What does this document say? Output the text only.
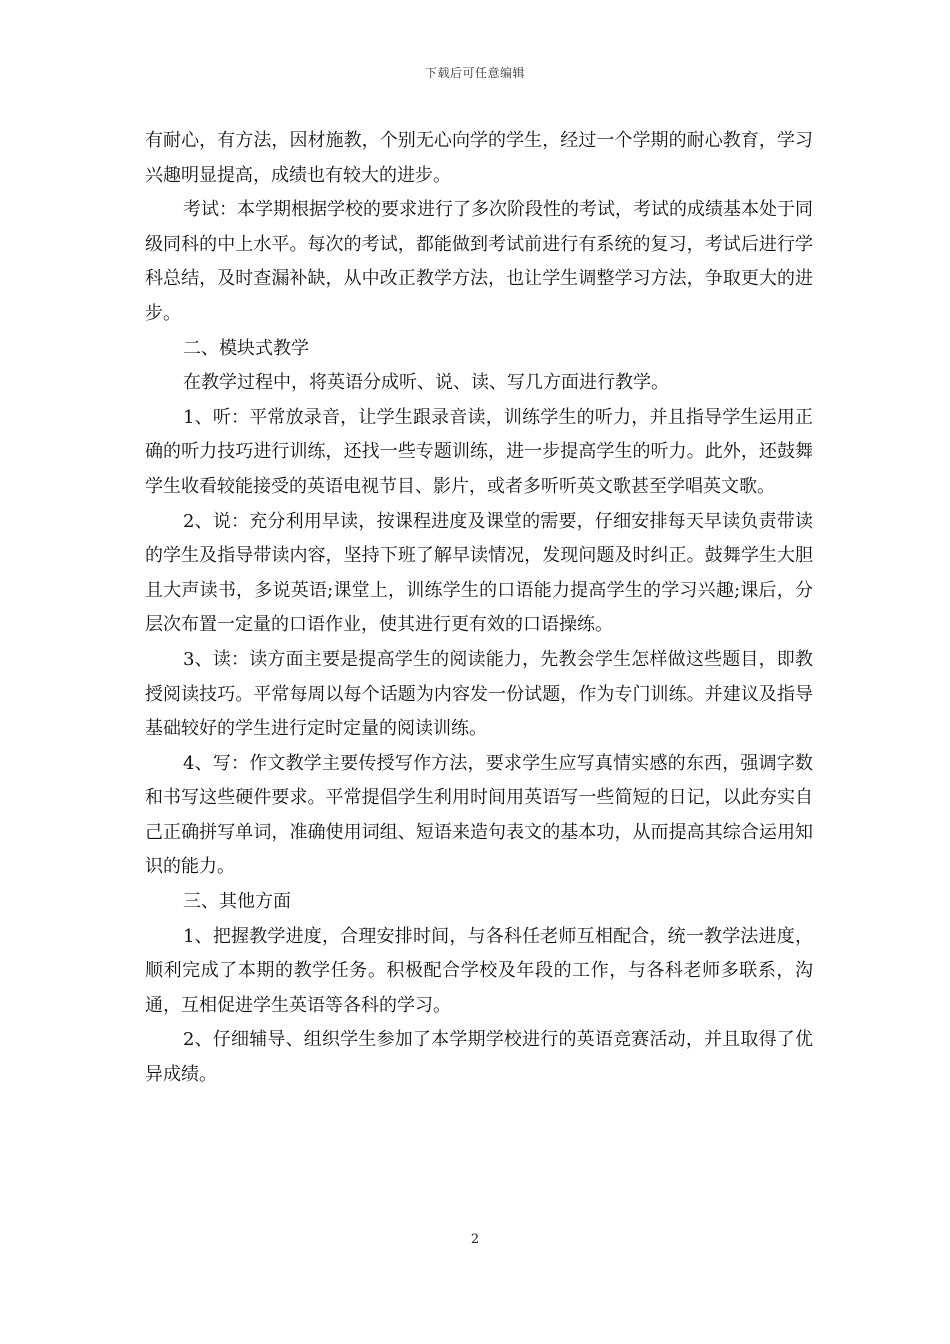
下载后可任意编辑

有耐心，有方法，因材施教，个别无心向学的学生，经过一个学期的耐心教育，学习兴趣明显提高，成绩也有较大的进步。

考试：本学期根据学校的要求进行了多次阶段性的考试，考试的成绩基本处于同级同科的中上水平。每次的考试，都能做到考试前进行有系统的复习，考试后进行学科总结，及时查漏补缺，从中改正教学方法，也让学生调整学习方法，争取更大的进步。

二、模块式教学

在教学过程中，将英语分成听、说、读、写几方面进行教学。

1、听：平常放录音，让学生跟录音读，训练学生的听力，并且指导学生运用正确的听力技巧进行训练，还找一些专题训练，进一步提高学生的听力。此外，还鼓舞学生收看较能接受的英语电视节目、影片，或者多听听英文歌甚至学唱英文歌。

2、说：充分利用早读，按课程进度及课堂的需要，仔细安排每天早读负责带读的学生及指导带读内容，坚持下班了解早读情况，发现问题及时纠正。鼓舞学生大胆且大声读书，多说英语;课堂上，训练学生的口语能力提高学生的学习兴趣;课后，分层次布置一定量的口语作业，使其进行更有效的口语操练。

3、读：读方面主要是提高学生的阅读能力，先教会学生怎样做这些题目，即教授阅读技巧。平常每周以每个话题为内容发一份试题，作为专门训练。并建议及指导基础较好的学生进行定时定量的阅读训练。

4、写：作文教学主要传授写作方法，要求学生应写真情实感的东西，强调字数和书写这些硬件要求。平常提倡学生利用时间用英语写一些简短的日记，以此夯实自己正确拼写单词，准确使用词组、短语来造句表文的基本功，从而提高其综合运用知识的能力。

三、其他方面

1、把握教学进度，合理安排时间，与各科任老师互相配合，统一教学法进度，顺利完成了本期的教学任务。积极配合学校及年段的工作，与各科老师多联系，沟通，互相促进学生英语等各科的学习。

2、仔细辅导、组织学生参加了本学期学校进行的英语竞赛活动，并且取得了优异成绩。

2
